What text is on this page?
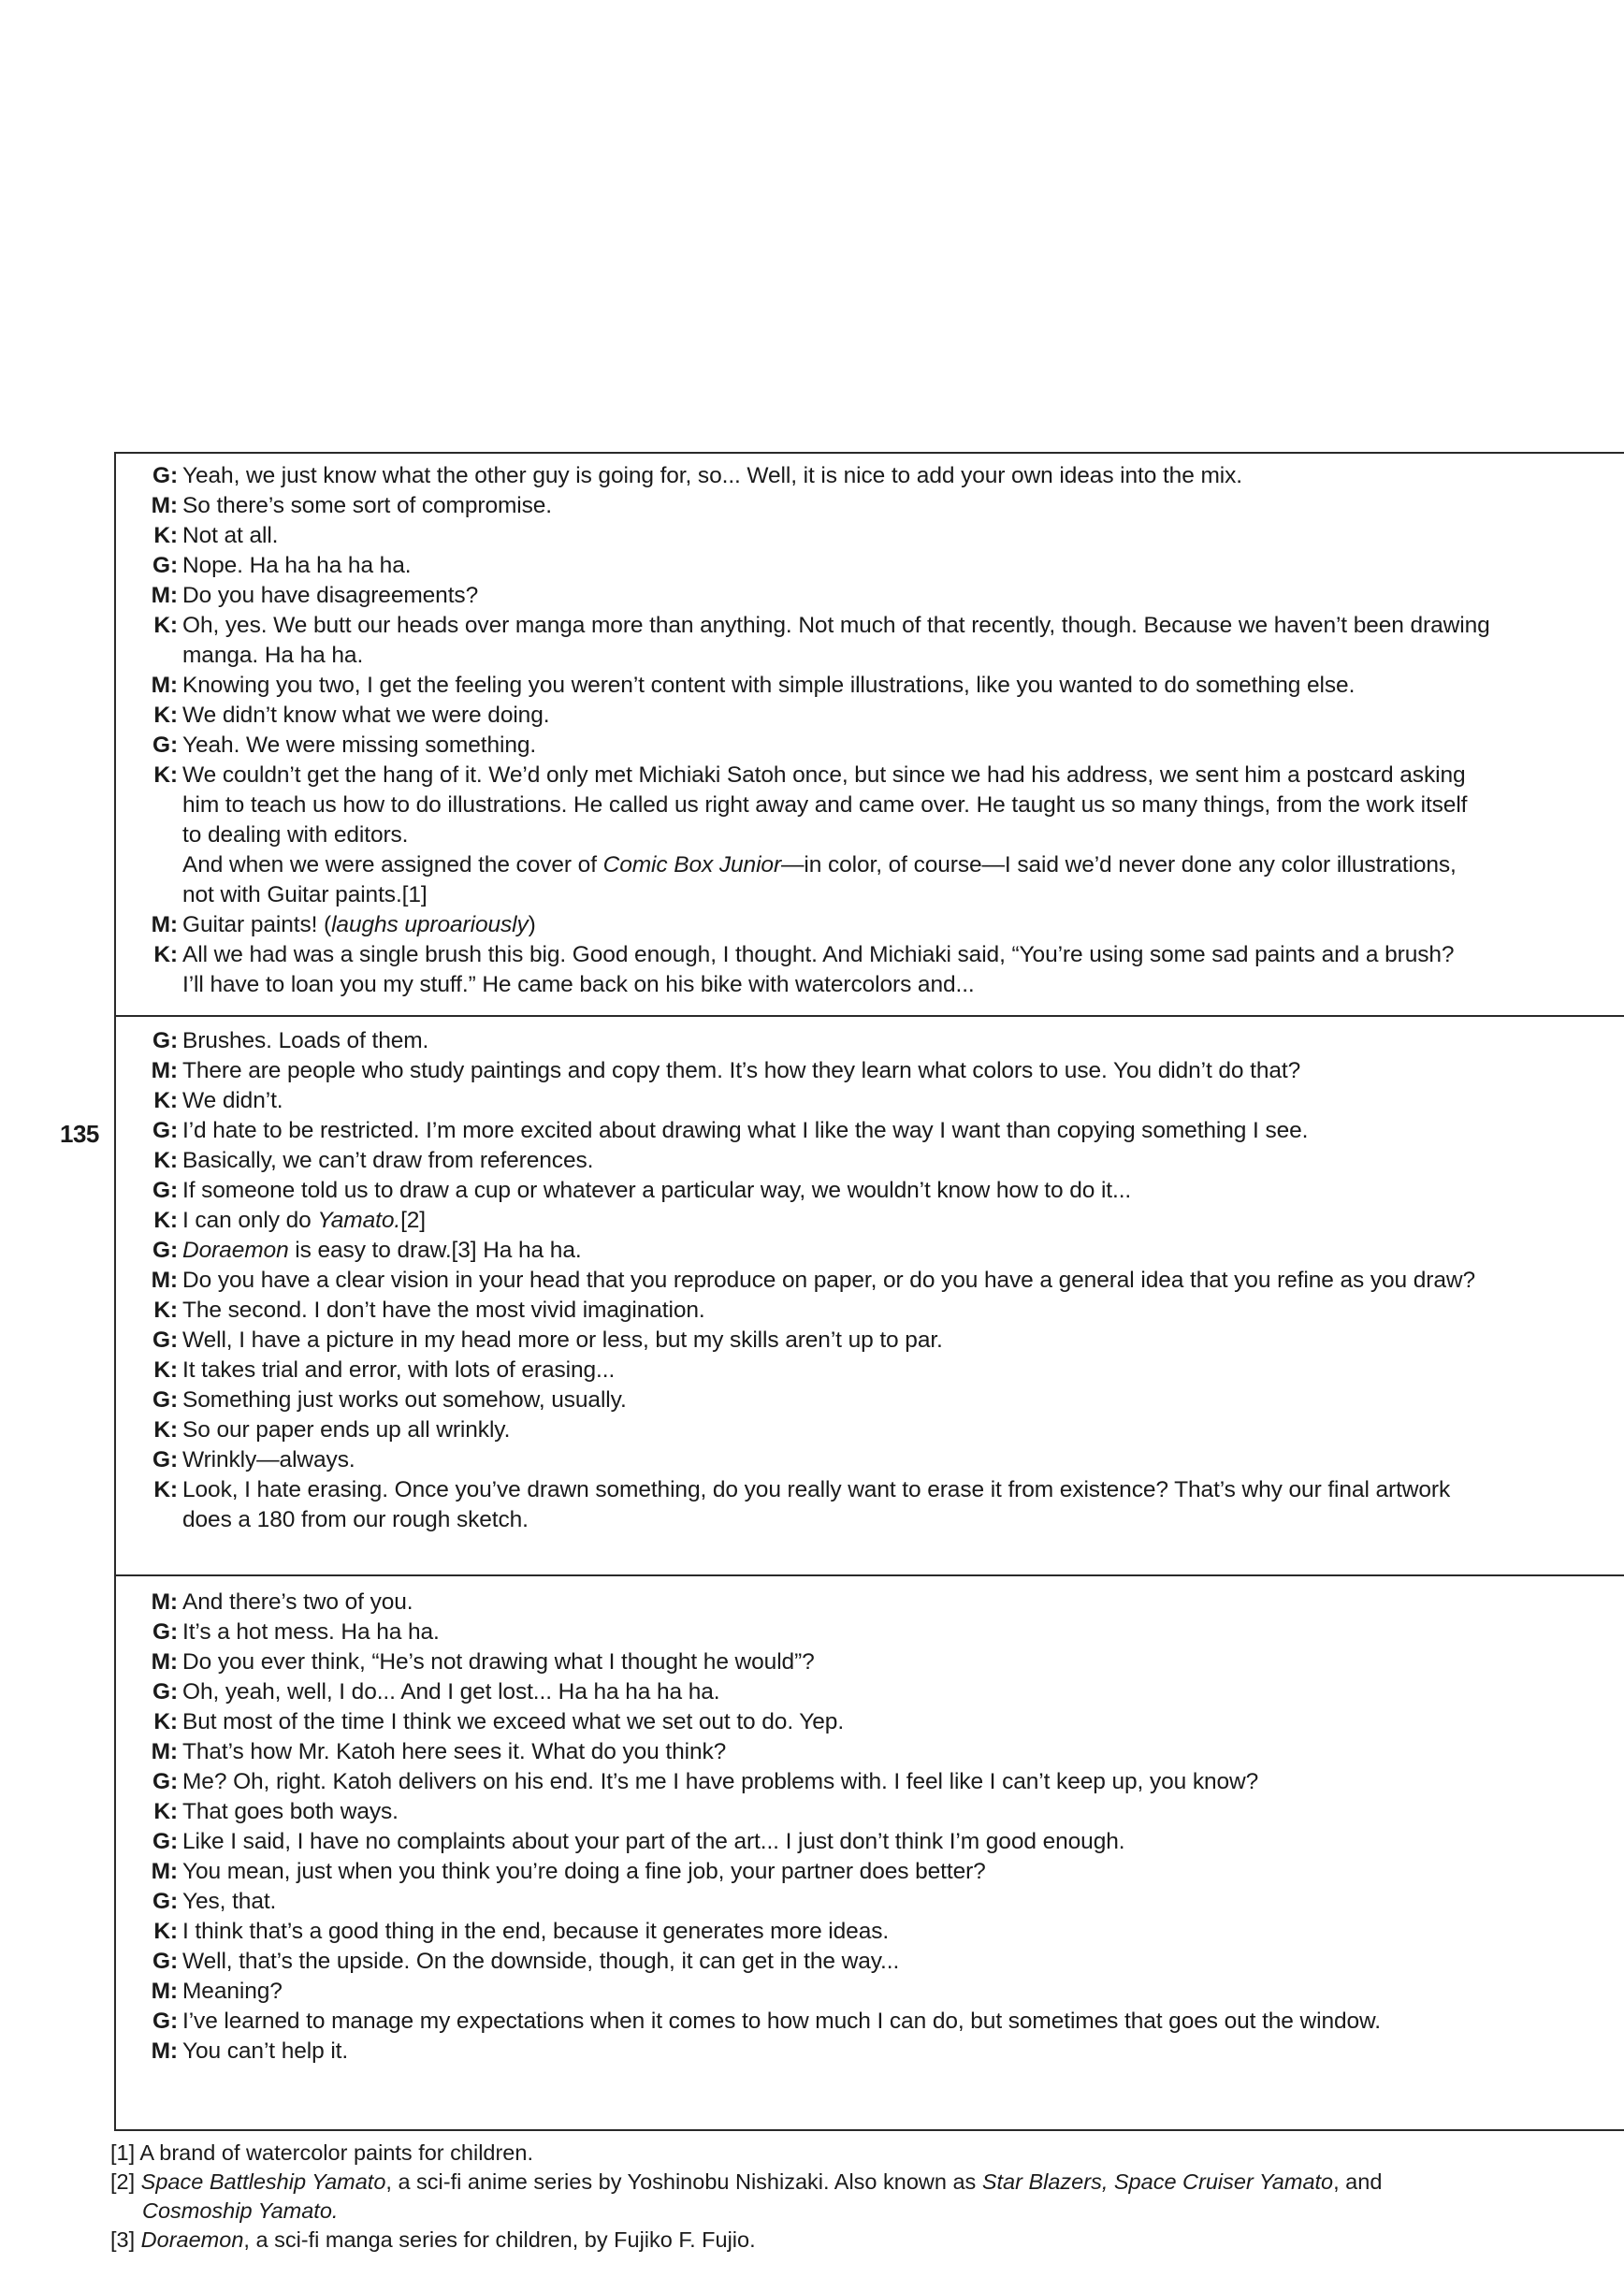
G: Yeah, we just know what the other guy is going for, so... Well, it is nice to add your own ideas into the mix.
M: So there’s some sort of compromise.
K: Not at all.
G: Nope. Ha ha ha ha ha.
M: Do you have disagreements?
K: Oh, yes. We butt our heads over manga more than anything. Not much of that recently, though. Because we haven’t been drawing
manga. Ha ha ha.
M: Knowing you two, I get the feeling you weren’t content with simple illustrations, like you wanted to do something else.
K: We didn’t know what we were doing.
G: Yeah. We were missing something.
K: We couldn’t get the hang of it. We’d only met Michiaki Satoh once, but since we had his address, we sent him a postcard asking
him to teach us how to do illustrations. He called us right away and came over. He taught us so many things, from the work itself
to dealing with editors.
And when we were assigned the cover of Comic Box Junior—in color, of course—I said we’d never done any color illustrations,
not with Guitar paints.[1]
M: Guitar paints! (laughs uproariously)
K: All we had was a single brush this big. Good enough, I thought. And Michiaki said, “You’re using some sad paints and a brush?
I’ll have to loan you my stuff.” He came back on his bike with watercolors and...
G: Brushes. Loads of them.
M: There are people who study paintings and copy them. It’s how they learn what colors to use. You didn’t do that?
K: We didn’t.
G: I’d hate to be restricted. I’m more excited about drawing what I like the way I want than copying something I see.
K: Basically, we can’t draw from references.
G: If someone told us to draw a cup or whatever a particular way, we wouldn’t know how to do it...
K: I can only do Yamato.[2]
G: Doraemon is easy to draw.[3] Ha ha ha.
M: Do you have a clear vision in your head that you reproduce on paper, or do you have a general idea that you refine as you draw?
K: The second. I don’t have the most vivid imagination.
G: Well, I have a picture in my head more or less, but my skills aren’t up to par.
K: It takes trial and error, with lots of erasing...
G: Something just works out somehow, usually.
K: So our paper ends up all wrinkly.
G: Wrinkly—always.
K: Look, I hate erasing. Once you’ve drawn something, do you really want to erase it from existence? That’s why our final artwork
does a 180 from our rough sketch.
M: And there’s two of you.
G: It’s a hot mess. Ha ha ha.
M: Do you ever think, “He’s not drawing what I thought he would”?
G: Oh, yeah, well, I do... And I get lost... Ha ha ha ha ha.
K: But most of the time I think we exceed what we set out to do. Yep.
M: That’s how Mr. Katoh here sees it. What do you think?
G: Me? Oh, right. Katoh delivers on his end. It’s me I have problems with. I feel like I can’t keep up, you know?
K: That goes both ways.
G: Like I said, I have no complaints about your part of the art... I just don’t think I’m good enough.
M: You mean, just when you think you’re doing a fine job, your partner does better?
G: Yes, that.
K: I think that’s a good thing in the end, because it generates more ideas.
G: Well, that’s the upside. On the downside, though, it can get in the way...
M: Meaning?
G: I’ve learned to manage my expectations when it comes to how much I can do, but sometimes that goes out the window.
M: You can’t help it.
135
[1] A brand of watercolor paints for children.
[2] Space Battleship Yamato, a sci-fi anime series by Yoshinobu Nishizaki. Also known as Star Blazers, Space Cruiser Yamato, and
Cosmoship Yamato.
[3] Doraemon, a sci-fi manga series for children, by Fujiko F. Fujio.
